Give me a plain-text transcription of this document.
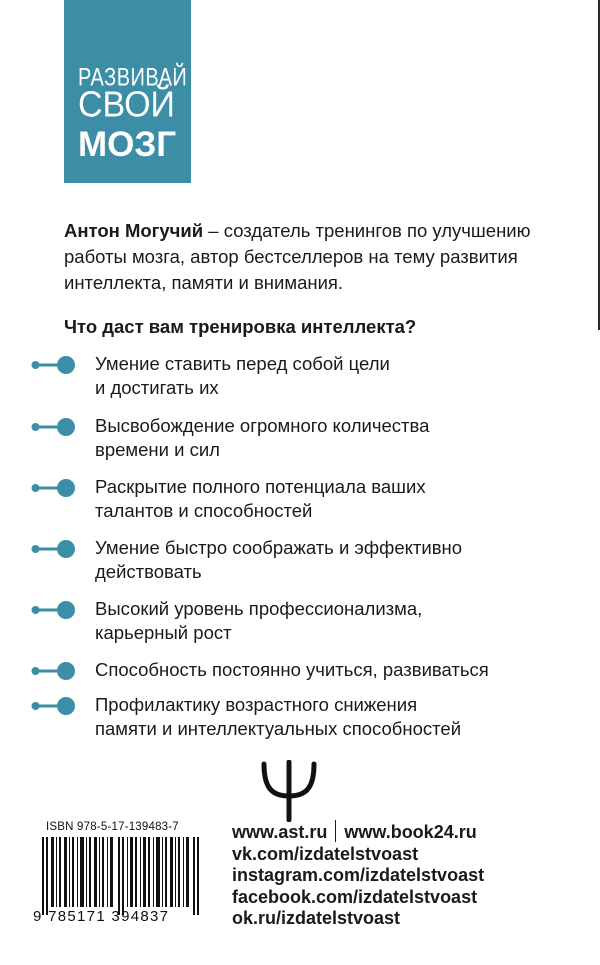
РАЗВИВАЙ
СВОЙ
МОЗГ
Антон Могучий – создатель тренингов по улучшению
работы мозга, автор бестселлеров на тему развития
интеллекта, памяти и внимания.
Что даст вам тренировка интеллекта?
Умение ставить перед собой цели
и достигать их
Высвобождение огромного количества
времени и сил
Раскрытие полного потенциала ваших
талантов и способностей
Умение быстро соображать и эффективно
действовать
Высокий уровень профессионализма,
карьерный рост
Способность постоянно учиться, развиваться
Профилактику возрастного снижения
памяти и интеллектуальных способностей
ISBN 978-5-17-139483-7
9 785171 394837
www.ast.ru www.book24.ru
vk.com/izdatelstvoast
instagram.com/izdatelstvoast
facebook.com/izdatelstvoast
ok.ru/izdatelstvoast
